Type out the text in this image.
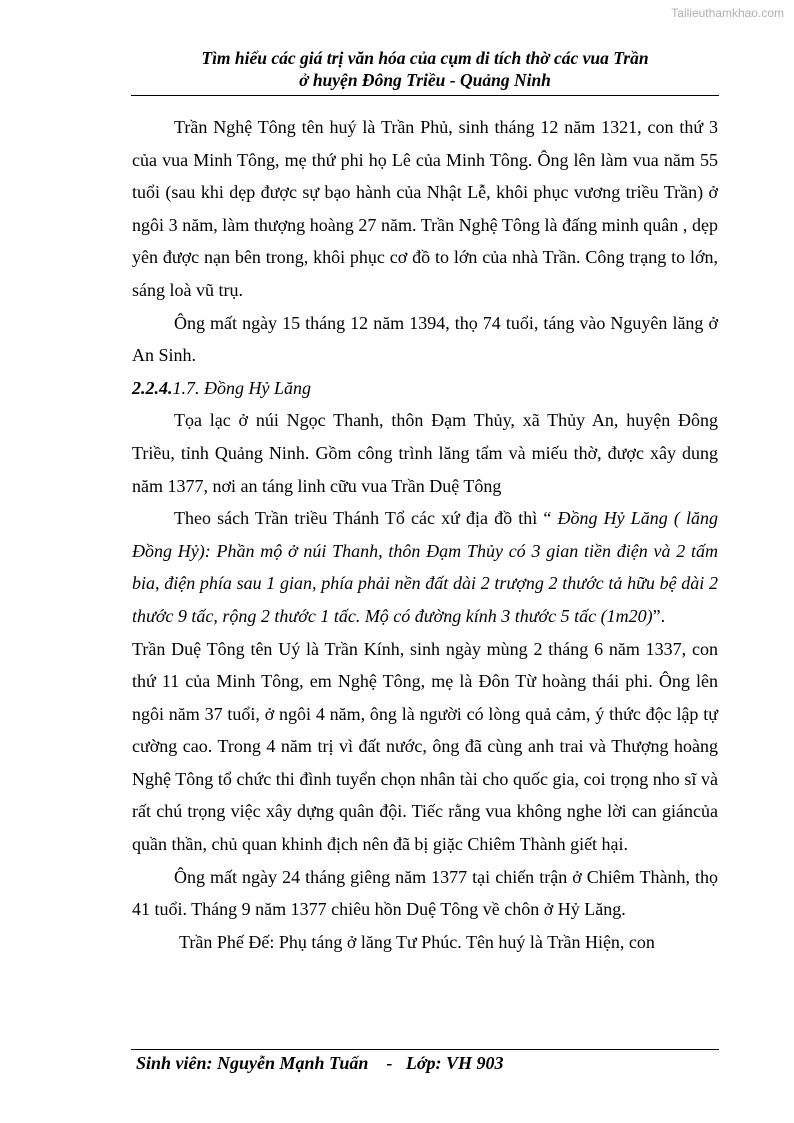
Tailieuthamkhao.com
Tìm hiểu các giá trị văn hóa của cụm di tích thờ các vua Trần
ở huyện Đông Triều - Quảng Ninh

Trần Nghệ Tông tên huý là Trần Phủ, sinh tháng 12 năm 1321, con thứ 3 của vua Minh Tông, mẹ thứ phi họ Lê của Minh Tông. Ông lên làm vua năm 55 tuổi (sau khi dẹp được sự bạo hành của Nhật Lễ, khôi phục vương triều Trần) ở ngôi 3 năm, làm thượng hoàng 27 năm. Trần Nghệ Tông là đấng minh quân , dẹp yên được nạn bên trong, khôi phục cơ đồ to lớn của nhà Trần. Công trạng to lớn, sáng loà vũ trụ.

Ông mất ngày 15 tháng 12 năm 1394, thọ 74 tuổi, táng vào Nguyên lăng ở An Sinh.

2.2.4.1.7. Đồng Hỷ Lăng

Tọa lạc ở núi Ngọc Thanh, thôn Đạm Thủy, xã Thủy An, huyện Đông Triều, tỉnh Quảng Ninh. Gồm công trình lăng tẩm và miếu thờ, được xây dung năm 1377, nơi an táng linh cữu vua Trần Duệ Tông

Theo sách Trần triều Thánh Tổ các xứ địa đồ thì “ Đồng Hỷ Lăng ( lăng Đồng Hỷ): Phần mộ ở núi Thanh, thôn Đạm Thủy có 3 gian tiền điện và 2 tấm bia, điện phía sau 1 gian, phía phải nền đất dài 2 trượng 2 thước tả hữu bệ dài 2 thước 9 tấc, rộng 2 thước 1 tấc. Mộ có đường kính 3 thước 5 tấc (1m20)”.

Trần Duệ Tông tên Uý là Trần Kính, sinh ngày mùng 2 tháng 6 năm 1337, con thứ 11 của Minh Tông, em Nghệ Tông, mẹ là Đôn Từ hoàng thái phi. Ông lên ngôi năm 37 tuổi, ở ngôi 4 năm, ông là người có lòng quả cảm, ý thức độc lập tự cường cao. Trong 4 năm trị vì đất nước, ông đã cùng anh trai và Thượng hoàng Nghệ Tông tổ chức thi đình tuyển chọn nhân tài cho quốc gia, coi trọng nho sĩ và rất chú trọng việc xây dựng quân đội. Tiếc rằng vua không nghe lời can giáncủa quần thần, chủ quan khinh địch nên đã bị giặc Chiêm Thành giết hại.

Ông mất ngày 24 tháng giêng năm 1377 tại chiến trận ở Chiêm Thành, thọ 41 tuổi. Tháng 9 năm 1377 chiêu hồn Duệ Tông về chôn ở Hỷ Lăng.

Trần Phế Đế: Phụ táng ở lăng Tư Phúc. Tên huý là Trần Hiện, con

Sinh viên: Nguyễn Mạnh Tuấn    -   Lớp: VH 903
